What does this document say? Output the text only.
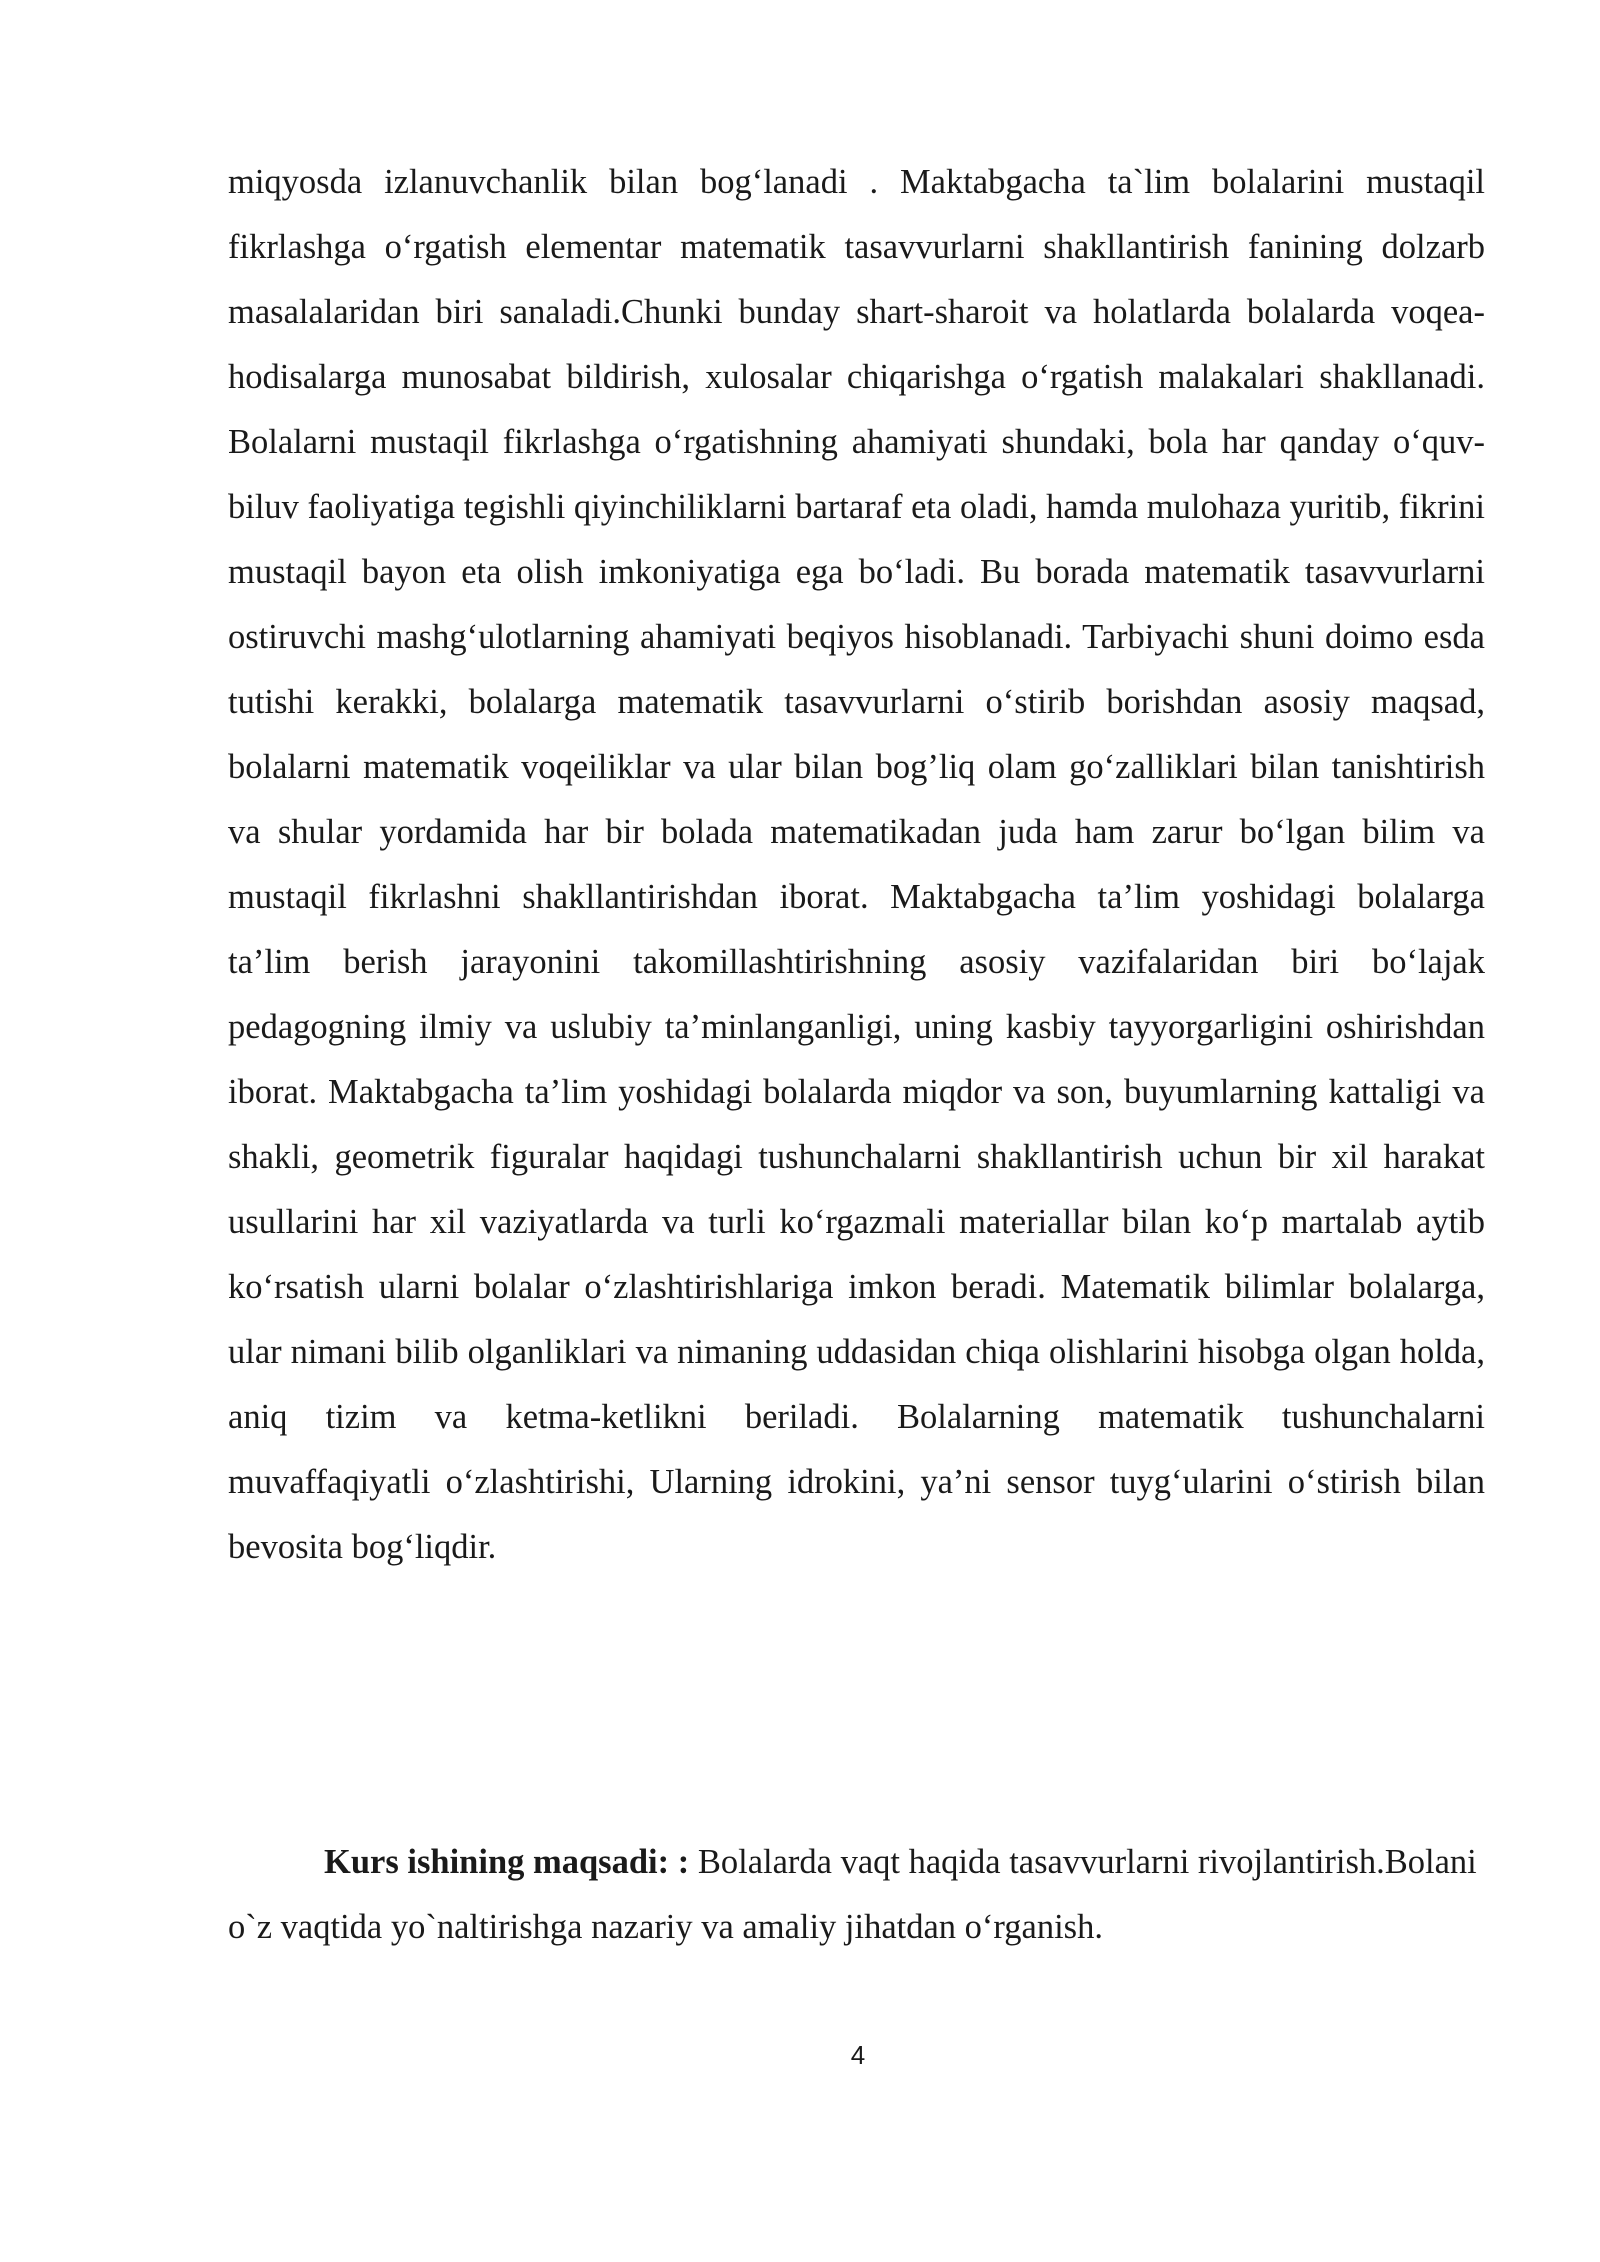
miqyosda izlanuvchanlik bilan bog‘lanadi . Maktabgacha ta`lim bolalarini mustaqil fikrlashga o‘rgatish elementar matematik tasavvurlarni shakllantirish fanining dolzarb masalalaridan biri sanaladi.Chunki bunday shart-sharoit va holatlarda bolalarda voqea-hodisalarga munosabat bildirish, xulosalar chiqarishga o‘rgatish malakalari shakllanadi. Bolalarni mustaqil fikrlashga o‘rgatishning ahamiyati shundaki, bola har qanday o‘quv-biluv faoliyatiga tegishli qiyinchiliklarni bartaraf eta oladi, hamda mulohaza yuritib, fikrini mustaqil bayon eta olish imkoniyatiga ega bo‘ladi. Bu borada matematik tasavvurlarni ostiruvchi mashg‘ulotlarning ahamiyati beqiyos hisoblanadi. Tarbiyachi shuni doimo esda tutishi kerakki, bolalarga matematik tasavvurlarni o‘stirib borishdan asosiy maqsad, bolalarni matematik voqeiliklar va ular bilan bog’liq olam go‘zalliklari bilan tanishtirish va shular yordamida har bir bolada matematikadan juda ham zarur bo‘lgan bilim va mustaqil fikrlashni shakllantirishdan iborat. Maktabgacha ta’lim yoshidagi bolalarga ta’lim berish jarayonini takomillashtirishning asosiy vazifalaridan biri bo‘lajak pedagogning ilmiy va uslubiy ta’minlanganligi, uning kasbiy tayyorgarligini oshirishdan iborat. Maktabgacha ta’lim yoshidagi bolalarda miqdor va son, buyumlarning kattaligi va shakli, geometrik figuralar haqidagi tushunchalarni shakllantirish uchun bir xil harakat usullarini har xil vaziyatlarda va turli ko‘rgazmali materiallar bilan ko‘p martalab aytib ko‘rsatish ularni bolalar o‘zlashtirishlariga imkon beradi. Matematik bilimlar bolalarga, ular nimani bilib olganliklari va nimaning uddasidan chiqa olishlarini hisobga olgan holda, aniq tizim va ketma-ketlikni beriladi. Bolalarning matematik tushunchalarni muvaffaqiyatli o‘zlashtirishi, Ularning idrokini, ya’ni sensor tuyg‘ularini o‘stirish bilan bevosita bog‘liqdir.

Kurs ishining maqsadi: : Bolalarda vaqt haqida tasavvurlarni rivojlantirish.Bolani o`z vaqtida yo`naltirishga nazariy va amaliy jihatdan o‘rganish.

4
